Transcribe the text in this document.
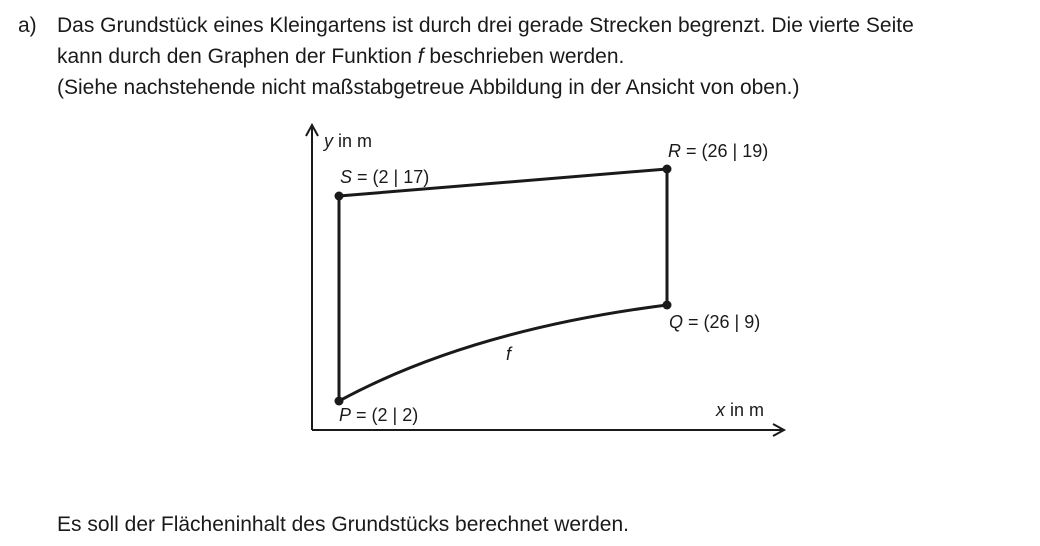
a) Das Grundstück eines Kleingartens ist durch drei gerade Strecken begrenzt. Die vierte Seite

kann durch den Graphen der Funktion f beschrieben werden.

(Siehe nachstehende nicht maßstabgetreue Abbildung in der Ansicht von oben.)

y in m
x in m
S = (2 | 17)
R = (26 | 19)
Q = (26 | 9)
P = (2 | 2)
f
Es soll der Flächeninhalt des Grundstücks berechnet werden.
